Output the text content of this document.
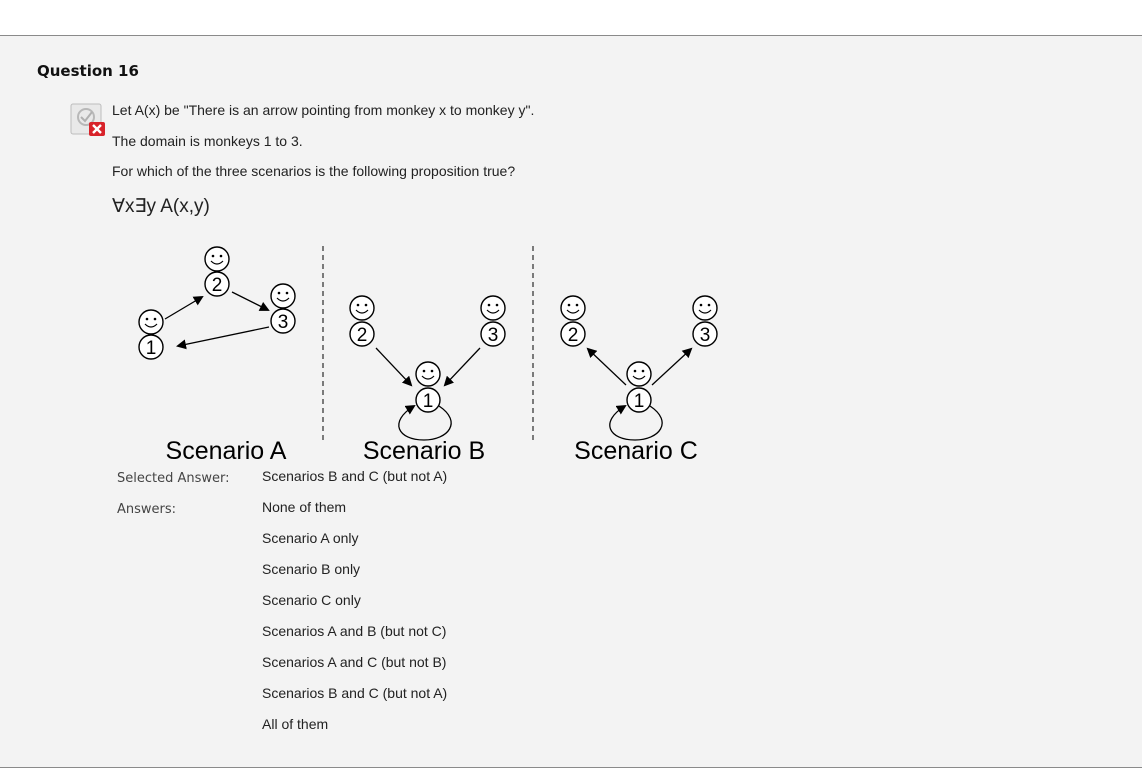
Question 16
Let A(x) be "There is an arrow pointing from monkey x to monkey y".
The domain is monkeys 1 to 3.
For which of the three scenarios is the following proposition true?
∀x∃y A(x,y)
2
3
1
Scenario A
2	3
1
Scenario B
2	3
1
Scenario C
Selected Answer: Scenarios B and C (but not A)
Answers:	None of them
Scenario A only
Scenario B only
Scenario C only
Scenarios A and B (but not C)
Scenarios A and C (but not B)
Scenarios B and C (but not A)
All of them
